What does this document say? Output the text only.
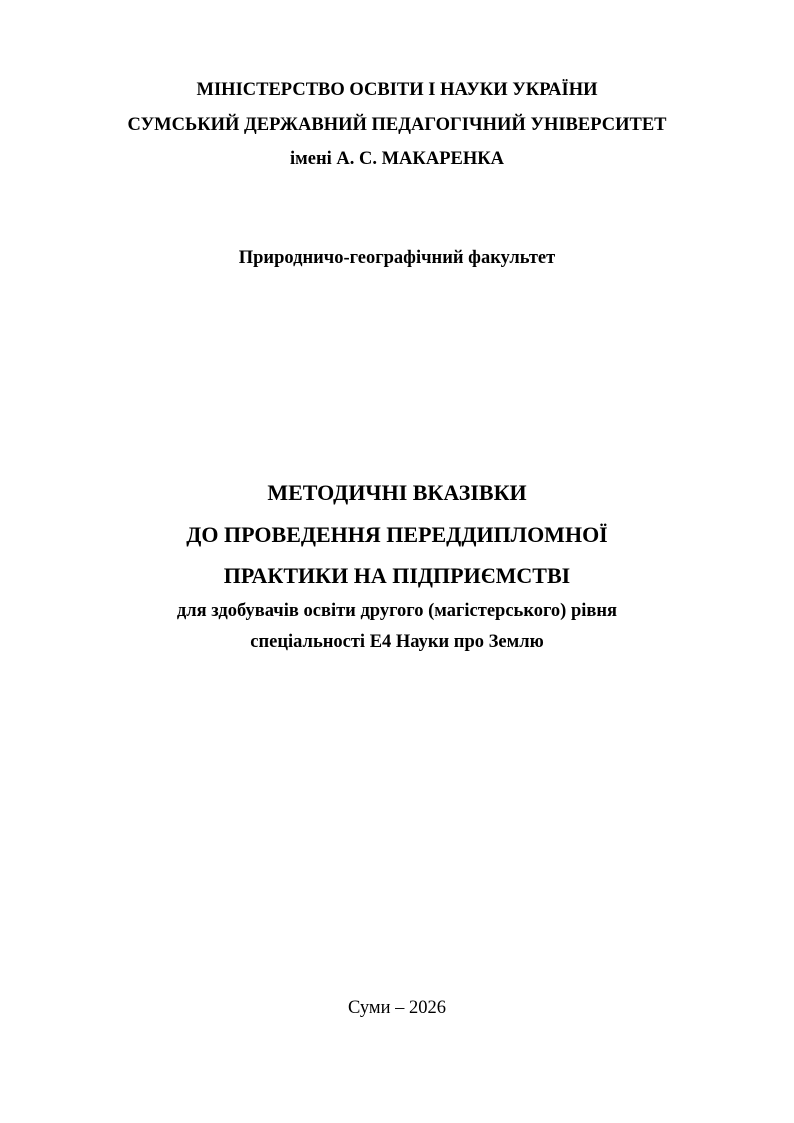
МІНІСТЕРСТВО ОСВІТИ І НАУКИ УКРАЇНИ
СУМСЬКИЙ ДЕРЖАВНИЙ ПЕДАГОГІЧНИЙ УНІВЕРСИТЕТ
імені А. С. МАКАРЕНКА
Природничо-географічний факультет
МЕТОДИЧНІ ВКАЗІВКИ
ДО ПРОВЕДЕННЯ ПЕРЕДДИПЛОМНОЇ
ПРАКТИКИ НА ПІДПРИЄМСТВІ
для здобувачів освіти другого (магістерського) рівня
спеціальності Е4 Науки про Землю
Суми – 2026
